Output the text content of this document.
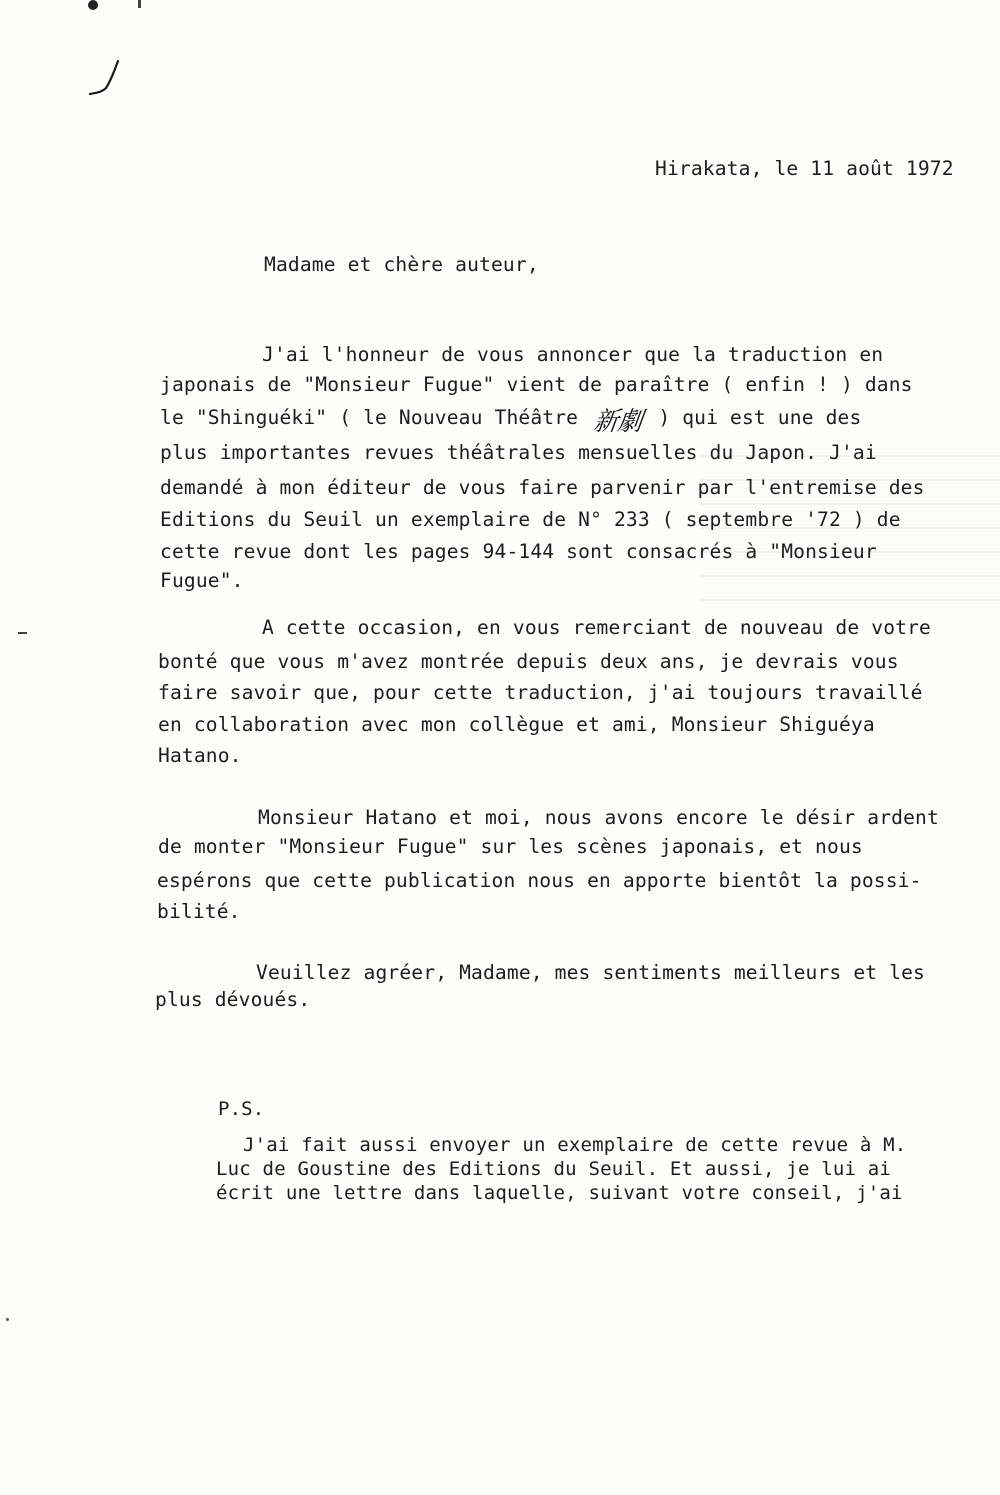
Hirakata, le 11 août 1972
Madame et chère auteur,
J'ai l'honneur de vous annoncer que la traduction en
japonais de "Monsieur Fugue" vient de paraître ( enfin ! ) dans
le "Shinguéki" ( le Nouveau Théâtre 新劇 ) qui est une des
plus importantes revues théâtrales mensuelles du Japon. J'ai
demandé à mon éditeur de vous faire parvenir par l'entremise des
Editions du Seuil un exemplaire de N° 233 ( septembre '72 ) de
cette revue dont les pages 94-144 sont consacrés à "Monsieur
Fugue".
A cette occasion, en vous remerciant de nouveau de votre
bonté que vous m'avez montrée depuis deux ans, je devrais vous
faire savoir que, pour cette traduction, j'ai toujours travaillé
en collaboration avec mon collègue et ami, Monsieur Shiguéya
Hatano.
Monsieur Hatano et moi, nous avons encore le désir ardent
de monter "Monsieur Fugue" sur les scènes japonais, et nous
espérons que cette publication nous en apporte bientôt la possi-
bilité.
Veuillez agréer, Madame, mes sentiments meilleurs et les
plus dévoués.
P.S.
J'ai fait aussi envoyer un exemplaire de cette revue à M.
Luc de Goustine des Editions du Seuil. Et aussi, je lui ai
écrit une lettre dans laquelle, suivant votre conseil, j'ai
